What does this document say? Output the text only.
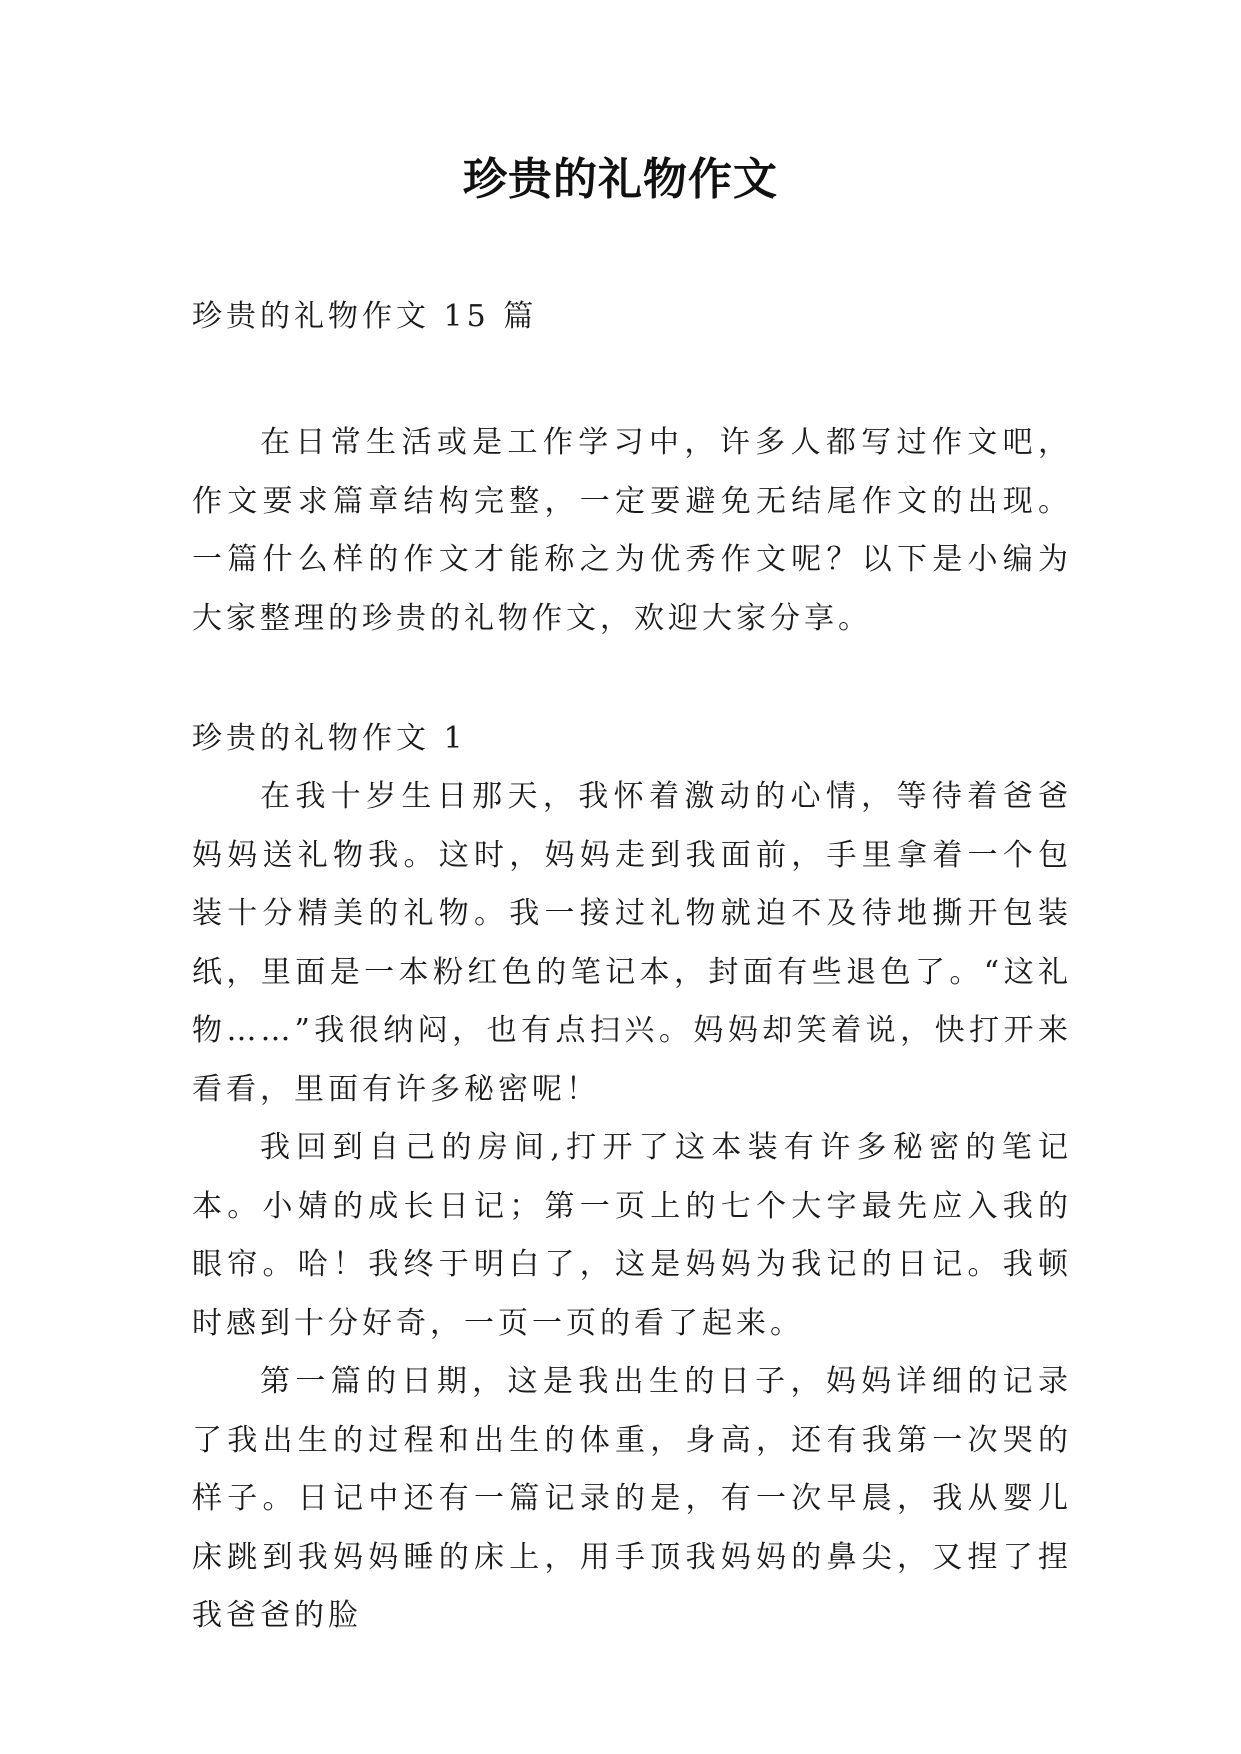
珍贵的礼物作文

珍贵的礼物作文 15 篇

在日常生活或是工作学习中，许多人都写过作文吧，作文要求篇章结构完整，一定要避免无结尾作文的出现。一篇什么样的作文才能称之为优秀作文呢？以下是小编为大家整理的珍贵的礼物作文，欢迎大家分享。

珍贵的礼物作文 1

在我十岁生日那天，我怀着激动的心情，等待着爸爸妈妈送礼物我。这时，妈妈走到我面前，手里拿着一个包装十分精美的礼物。我一接过礼物就迫不及待地撕开包装纸，里面是一本粉红色的笔记本，封面有些退色了。“这礼物……”我很纳闷，也有点扫兴。妈妈却笑着说，快打开来看看，里面有许多秘密呢！

我回到自己的房间,打开了这本装有许多秘密的笔记本。小婧的成长日记；第一页上的七个大字最先应入我的眼帘。哈！我终于明白了，这是妈妈为我记的日记。我顿时感到十分好奇，一页一页的看了起来。

第一篇的日期，这是我出生的日子，妈妈详细的记录了我出生的过程和出生的体重，身高，还有我第一次哭的样子。日记中还有一篇记录的是，有一次早晨，我从婴儿床跳到我妈妈睡的床上，用手顶我妈妈的鼻尖，又捏了捏我爸爸的脸
